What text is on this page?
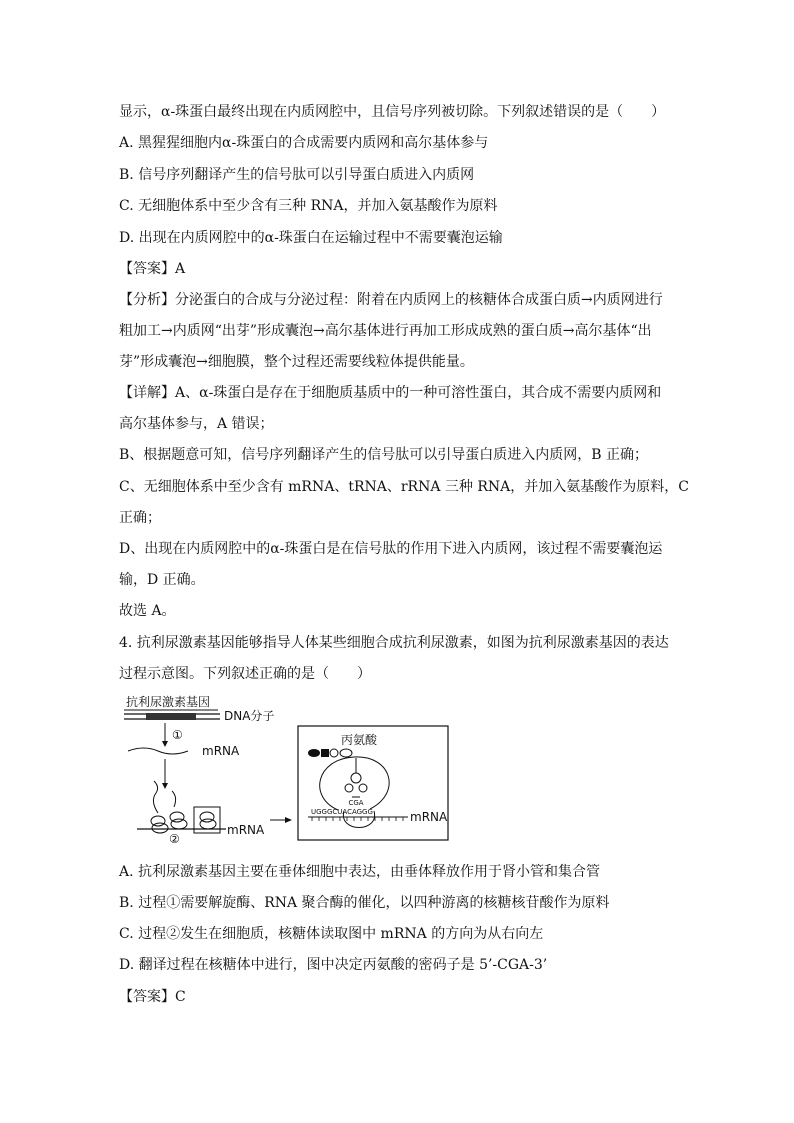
显示，α-珠蛋白最终出现在内质网腔中，且信号序列被切除。下列叙述错误的是（　　）
A. 黑猩猩细胞内α-珠蛋白的合成需要内质网和高尔基体参与
B. 信号序列翻译产生的信号肽可以引导蛋白质进入内质网
C. 无细胞体系中至少含有三种 RNA，并加入氨基酸作为原料
D. 出现在内质网腔中的α-珠蛋白在运输过程中不需要囊泡运输
【答案】A
【分析】分泌蛋白的合成与分泌过程：附着在内质网上的核糖体合成蛋白质→内质网进行
粗加工→内质网“出芽”形成囊泡→高尔基体进行再加工形成成熟的蛋白质→高尔基体“出
芽”形成囊泡→细胞膜，整个过程还需要线粒体提供能量。
【详解】A、α-珠蛋白是存在于细胞质基质中的一种可溶性蛋白，其合成不需要内质网和
高尔基体参与，A 错误；
B、根据题意可知，信号序列翻译产生的信号肽可以引导蛋白质进入内质网，B 正确；
C、无细胞体系中至少含有 mRNA、tRNA、rRNA 三种 RNA，并加入氨基酸作为原料，C
正确；
D、出现在内质网腔中的α-珠蛋白是在信号肽的作用下进入内质网，该过程不需要囊泡运
输，D 正确。
故选 A。
4. 抗利尿激素基因能够指导人体某些细胞合成抗利尿激素，如图为抗利尿激素基因的表达
过程示意图。下列叙述正确的是（　　）
抗利尿激素基因
DNA分子
①
mRNA
mRNA
②
丙氨酸
CGA
UGGGCUACAGGG	mRNA
A. 抗利尿激素基因主要在垂体细胞中表达，由垂体释放作用于肾小管和集合管
B. 过程①需要解旋酶、RNA 聚合酶的催化，以四种游离的核糖核苷酸作为原料
C. 过程②发生在细胞质，核糖体读取图中 mRNA 的方向为从右向左
D. 翻译过程在核糖体中进行，图中决定丙氨酸的密码子是 5’-CGA-3’
【答案】C
